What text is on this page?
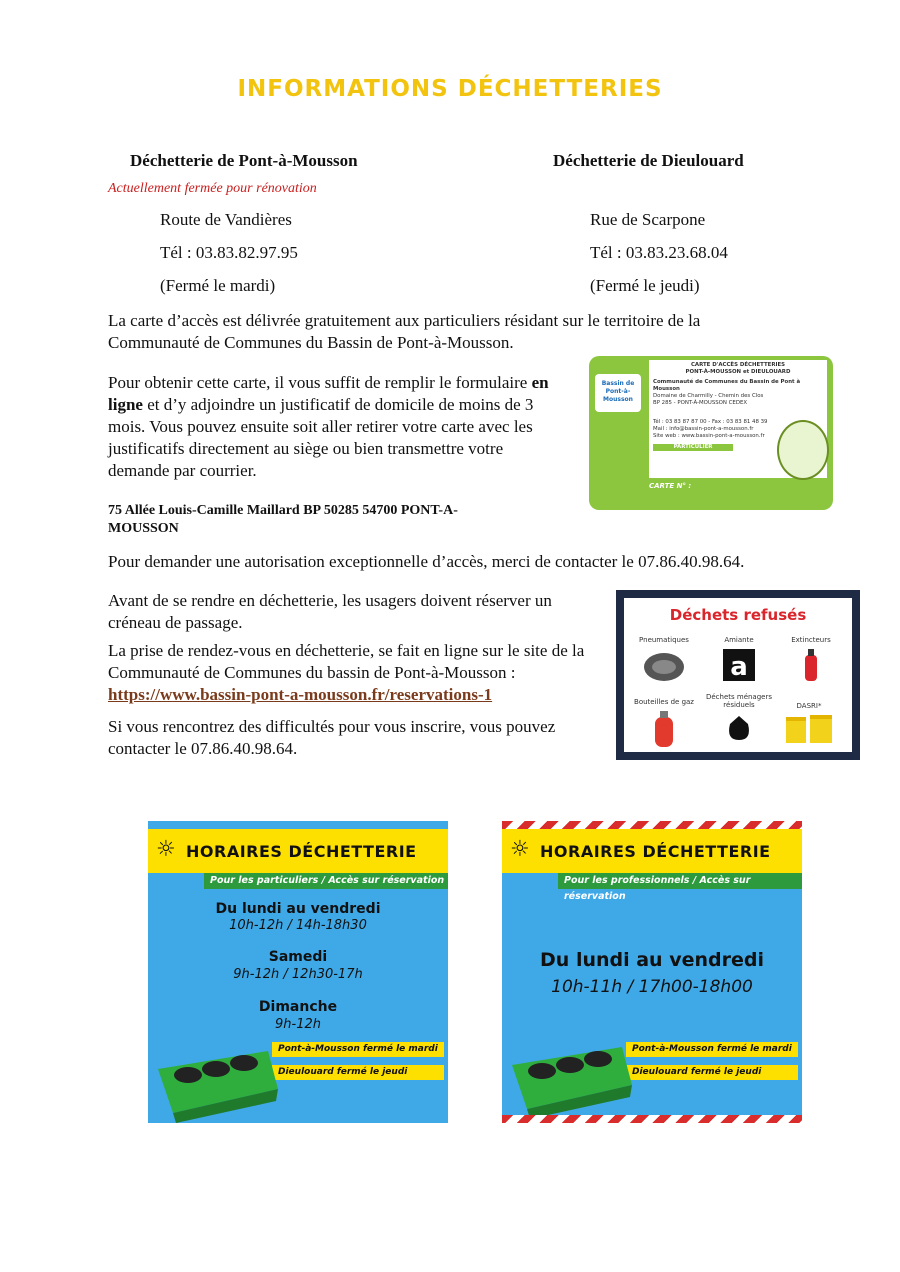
INFORMATIONS DÉCHETTERIES
Déchetterie de Pont-à-Mousson
Actuellement fermée pour rénovation
Route de Vandières
Tél : 03.83.82.97.95
(Fermé le mardi)
Déchetterie de Dieulouard
Rue de Scarpone
Tél : 03.83.23.68.04
(Fermé le jeudi)
La carte d’accès est délivrée gratuitement aux particuliers résidant sur le territoire de la Communauté de Communes du Bassin de Pont-à-Mousson.
Pour obtenir cette carte, il vous suffit de remplir le formulaire en ligne et d’y adjoindre un justificatif de domicile de moins de 3 mois. Vous pouvez ensuite soit aller retirer votre carte avec les justificatifs directement au siège ou bien transmettre votre demande par courrier.
75 Allée Louis-Camille Maillard BP 50285 54700 PONT-A-MOUSSON
Pour demander une autorisation exceptionnelle d’accès, merci de contacter le 07.86.40.98.64.
Avant de se rendre en déchetterie, les usagers doivent réserver un créneau de passage.
La prise de rendez-vous en déchetterie, se fait en ligne sur le site de la Communauté de Communes du bassin de Pont-à-Mousson :
https://www.bassin-pont-a-mousson.fr/reservations-1
Si vous rencontrez des difficultés pour vous inscrire, vous pouvez contacter le 07.86.40.98.64.
Bassin de Pont-à-Mousson
CARTE D'ACCÈS DÉCHETTERIES
PONT-À-MOUSSON et DIEULOUARD
Communauté de Communes du Bassin de Pont à Mousson
Domaine de Charmilly - Chemin des Clos
BP 285 - PONT-À-MOUSSON CEDEX
Tél : 03 83 87 87 00 - Fax : 03 83 81 48 39
Mail : info@bassin-pont-a-mousson.fr
Site web : www.bassin-pont-a-mousson.fr
PARTICULIER
CARTE N° :
Déchets refusés
Pneumatiques	Amiante
a
Extincteurs
Bouteilles de gaz
Déchets ménagers résiduels	DASRI*
☼ HORAIRES DÉCHETTERIE
Pour les particuliers / Accès sur réservation
Du lundi au vendredi
10h-12h / 14h-18h30
Samedi
9h-12h / 12h30-17h
Dimanche
9h-12h
Pont-à-Mousson fermé le mardi
Dieulouard fermé le jeudi
☼ HORAIRES DÉCHETTERIE
Pour les professionnels / Accès sur réservation
Du lundi au vendredi
10h-11h / 17h00-18h00
Pont-à-Mousson fermé le mardi
Dieulouard fermé le jeudi
